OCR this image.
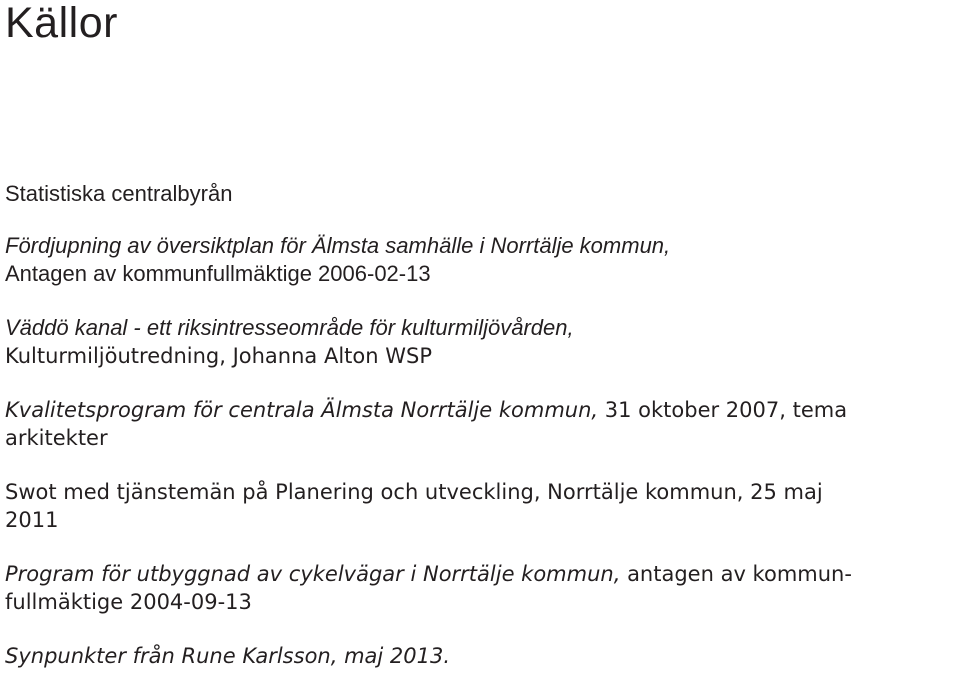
Källor
Statistiska centralbyrån
Fördjupning av översiktplan för Älmsta samhälle i Norrtälje kommun,
Antagen av kommunfullmäktige 2006-02-13
Väddö kanal - ett riksintresseområde för kulturmiljövården,
Kulturmiljöutredning, Johanna Alton WSP
Kvalitetsprogram för centrala Älmsta Norrtälje kommun, 31 oktober 2007, tema
arkitekter
Swot med tjänstemän på Planering och utveckling, Norrtälje kommun, 25 maj
2011
Program för utbyggnad av cykelvägar i Norrtälje kommun, antagen av kommun-
fullmäktige 2004-09-13
Synpunkter från Rune Karlsson, maj 2013.
